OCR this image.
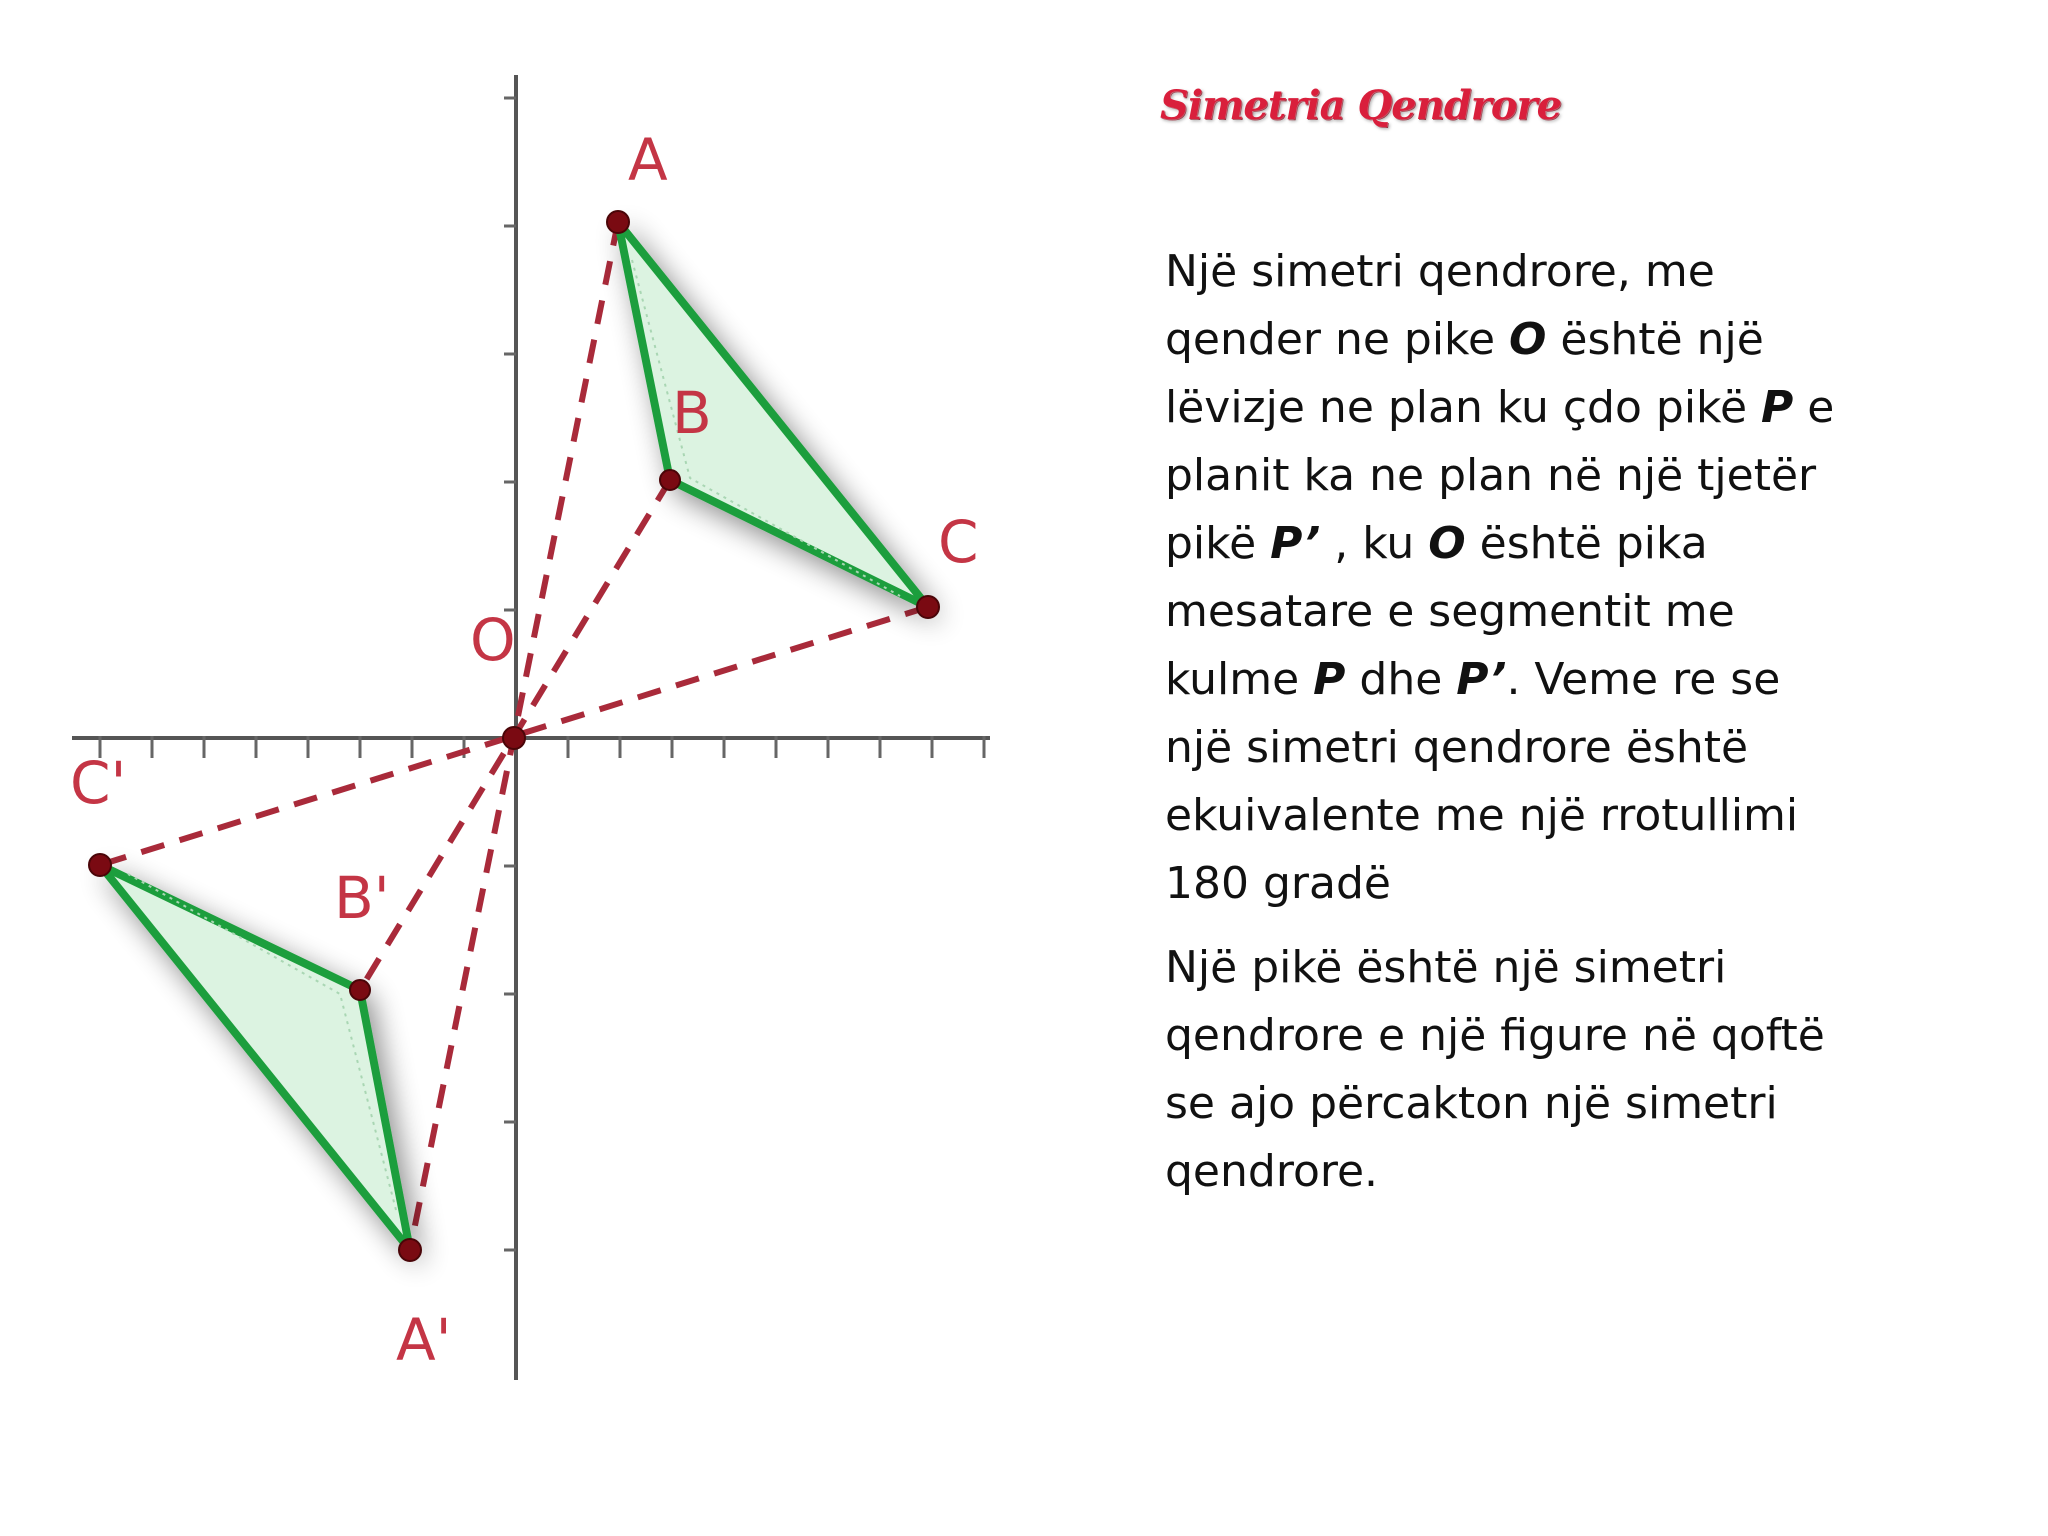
A
B
C
O
A'
B'
C'
Simetria Qendrore
Një simetri qendrore, me
qender ne pike O është një
lëvizje ne plan ku çdo pikë P e
planit ka ne plan në një tjetër
pikë P’ , ku O është pika
mesatare e segmentit me
kulme P dhe P’. Veme re se
një simetri qendrore është
ekuivalente me një rrotullimi
180 gradë
Një pikë është një simetri
qendrore e një figure në qoftë
se ajo përcakton një simetri
qendrore.
